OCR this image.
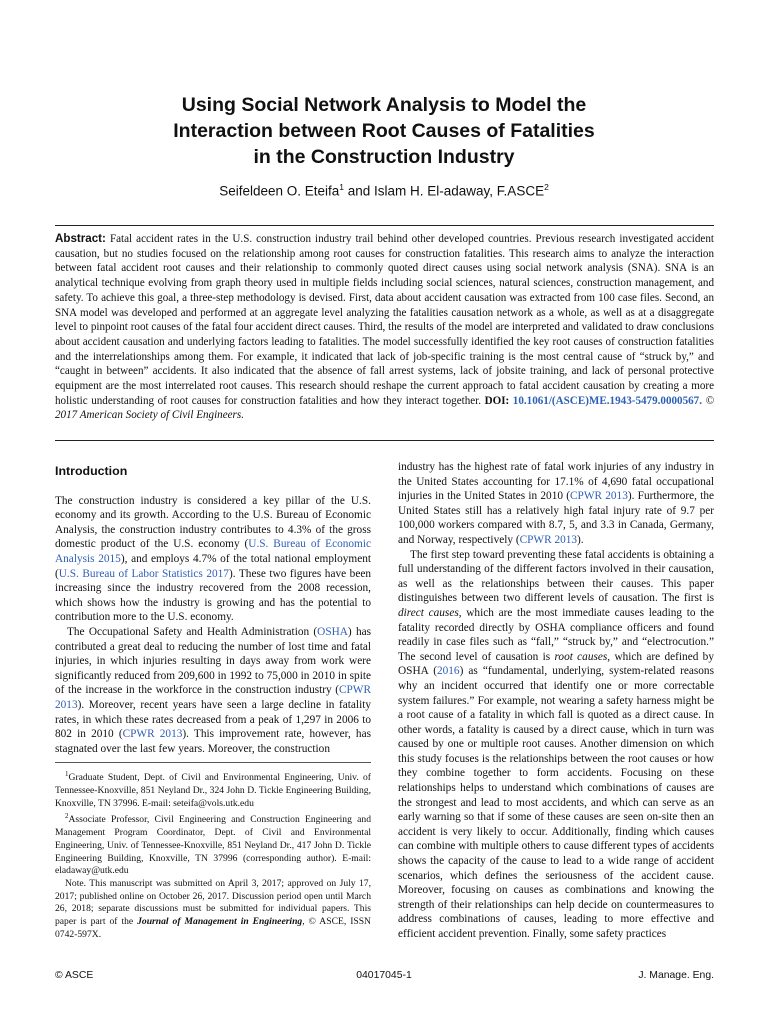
Using Social Network Analysis to Model the
Interaction between Root Causes of Fatalities
in the Construction Industry
Seifeldeen O. Eteifa$^1$ and Islam H. El-adaway, F.ASCE$^2$
Abstract: Fatal accident rates in the U.S. construction industry trail behind other developed countries. Previous research investigated accident causation, but no studies focused on the relationship among root causes for construction fatalities. This research aims to analyze the interaction between fatal accident root causes and their relationship to commonly quoted direct causes using social network analysis (SNA). SNA is an analytical technique evolving from graph theory used in multiple fields including social sciences, natural sciences, construction management, and safety. To achieve this goal, a three-step methodology is devised. First, data about accident causation was extracted from 100 case files. Second, an SNA model was developed and performed at an aggregate level analyzing the fatalities causation network as a whole, as well as at a disaggregate level to pinpoint root causes of the fatal four accident direct causes. Third, the results of the model are interpreted and validated to draw conclusions about accident causation and underlying factors leading to fatalities. The model successfully identified the key root causes of construction fatalities and the interrelationships among them. For example, it indicated that lack of job-specific training is the most central cause of “struck by,” and “caught in between” accidents. It also indicated that the absence of fall arrest systems, lack of jobsite training, and lack of personal protective equipment are the most interrelated root causes. This research should reshape the current approach to fatal accident causation by creating a more holistic understanding of root causes for construction fatalities and how they interact together. DOI: 10.1061/(ASCE)ME.1943-5479.0000567. © 2017 American Society of Civil Engineers.

Introduction

The construction industry is considered a key pillar of the U.S. economy and its growth. According to the U.S. Bureau of Economic Analysis, the construction industry contributes to 4.3% of the gross domestic product of the U.S. economy (U.S. Bureau of Economic Analysis 2015), and employs 4.7% of the total national employment (U.S. Bureau of Labor Statistics 2017). These two figures have been increasing since the industry recovered from the 2008 recession, which shows how the industry is growing and has the potential to contribution more to the U.S. economy.

The Occupational Safety and Health Administration (OSHA) has contributed a great deal to reducing the number of lost time and fatal injuries, in which injuries resulting in days away from work were significantly reduced from 209,600 in 1992 to 75,000 in 2010 in spite of the increase in the workforce in the construction industry (CPWR 2013). Moreover, recent years have seen a large decline in fatality rates, in which these rates decreased from a peak of 1,297 in 2006 to 802 in 2010 (CPWR 2013). This improvement rate, however, has stagnated over the last few years. Moreover, the construction

$^1$Graduate Student, Dept. of Civil and Environmental Engineering, Univ. of Tennessee-Knoxville, 851 Neyland Dr., 324 John D. Tickle Engineering Building, Knoxville, TN 37996. E-mail: seteifa@vols.utk.edu

$^2$Associate Professor, Civil Engineering and Construction Engineering and Management Program Coordinator, Dept. of Civil and Environmental Engineering, Univ. of Tennessee-Knoxville, 851 Neyland Dr., 417 John D. Tickle Engineering Building, Knoxville, TN 37996 (corresponding author). E-mail: eladaway@utk.edu

Note. This manuscript was submitted on April 3, 2017; approved on July 17, 2017; published online on October 26, 2017. Discussion period open until March 26, 2018; separate discussions must be submitted for individual papers. This paper is part of the Journal of Management in Engineering, © ASCE, ISSN 0742-597X.

industry has the highest rate of fatal work injuries of any industry in the United States accounting for 17.1% of 4,690 fatal occupational injuries in the United States in 2010 (CPWR 2013). Furthermore, the United States still has a relatively high fatal injury rate of 9.7 per 100,000 workers compared with 8.7, 5, and 3.3 in Canada, Germany, and Norway, respectively (CPWR 2013).

The first step toward preventing these fatal accidents is obtaining a full understanding of the different factors involved in their causation, as well as the relationships between their causes. This paper distinguishes between two different levels of causation. The first is direct causes, which are the most immediate causes leading to the fatality recorded directly by OSHA compliance officers and found readily in case files such as “fall,” “struck by,” and “electrocution.” The second level of causation is root causes, which are defined by OSHA (2016) as “fundamental, underlying, system-related reasons why an incident occurred that identify one or more correctable system failures.” For example, not wearing a safety harness might be a root cause of a fatality in which fall is quoted as a direct cause. In other words, a fatality is caused by a direct cause, which in turn was caused by one or multiple root causes. Another dimension on which this study focuses is the relationships between the root causes or how they combine together to form accidents. Focusing on these relationships helps to understand which combinations of causes are the strongest and lead to most accidents, and which can serve as an early warning so that if some of these causes are seen on-site then an accident is very likely to occur. Additionally, finding which causes can combine with multiple others to cause different types of accidents shows the capacity of the cause to lead to a wide range of accident scenarios, which defines the seriousness of the accident cause. Moreover, focusing on causes as combinations and knowing the strength of their relationships can help decide on countermeasures to address combinations of causes, leading to more effective and efficient accident prevention. Finally, some safety practices

© ASCE	04017045-1	J. Manage. Eng.
